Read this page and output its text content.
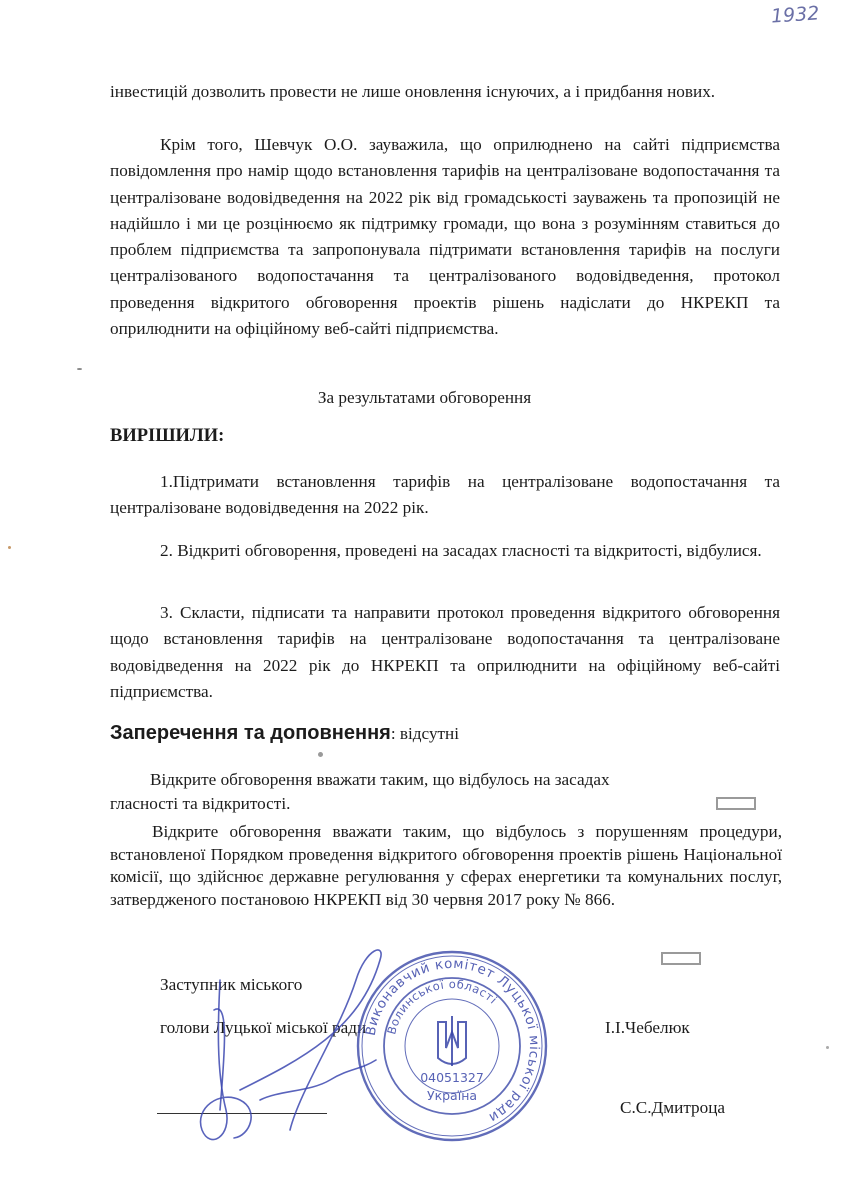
1932

інвестицій дозволить провести не лише оновлення існуючих, а і придбання нових.

Крім того, Шевчук О.О. зауважила, що оприлюднено на сайті підприємства повідомлення про намір щодо встановлення тарифів на централізоване водопостачання та централізоване водовідведення на 2022 рік від громадськості зауважень та пропозицій не надійшло і ми це розцінюємо як підтримку громади, що вона з розумінням ставиться до проблем підприємства та запропонувала підтримати встановлення тарифів на послуги централізованого водопостачання та централізованого водовідведення, протокол проведення відкритого обговорення проектів рішень надіслати до НКРЕКП та оприлюднити на офіційному веб-сайті підприємства.

За результатами обговорення
ВИРІШИЛИ:

1.Підтримати встановлення тарифів на централізоване водопостачання та централізоване водовідведення на 2022 рік.

2. Відкриті обговорення, проведені на засадах гласності та відкритості, відбулися.

3. Скласти, підписати та направити протокол проведення відкритого обговорення щодо встановлення тарифів на централізоване водопостачання та централізоване водовідведення на 2022 рік до НКРЕКП та оприлюднити на офіційному веб-сайті підприємства.

Заперечення та доповнення: відсутні
Відкрите обговорення вважати таким, що відбулось на засадах
гласності та відкритості.

Відкрите обговорення вважати таким, що відбулось з порушенням процедури, встановленої Порядком проведення відкритого обговорення проектів рішень Національної комісії, що здійснює державне регулювання у сферах енергетики та комунальних послуг, затвердженого постановою НКРЕКП від 30 червня 2017 року № 866.

Заступник міського
голови Луцької міської ради	І.І.Чебелюк
С.С.Дмитроца
Виконавчий комітет Луцької міської ради
Волинської області
04051327
Україна
